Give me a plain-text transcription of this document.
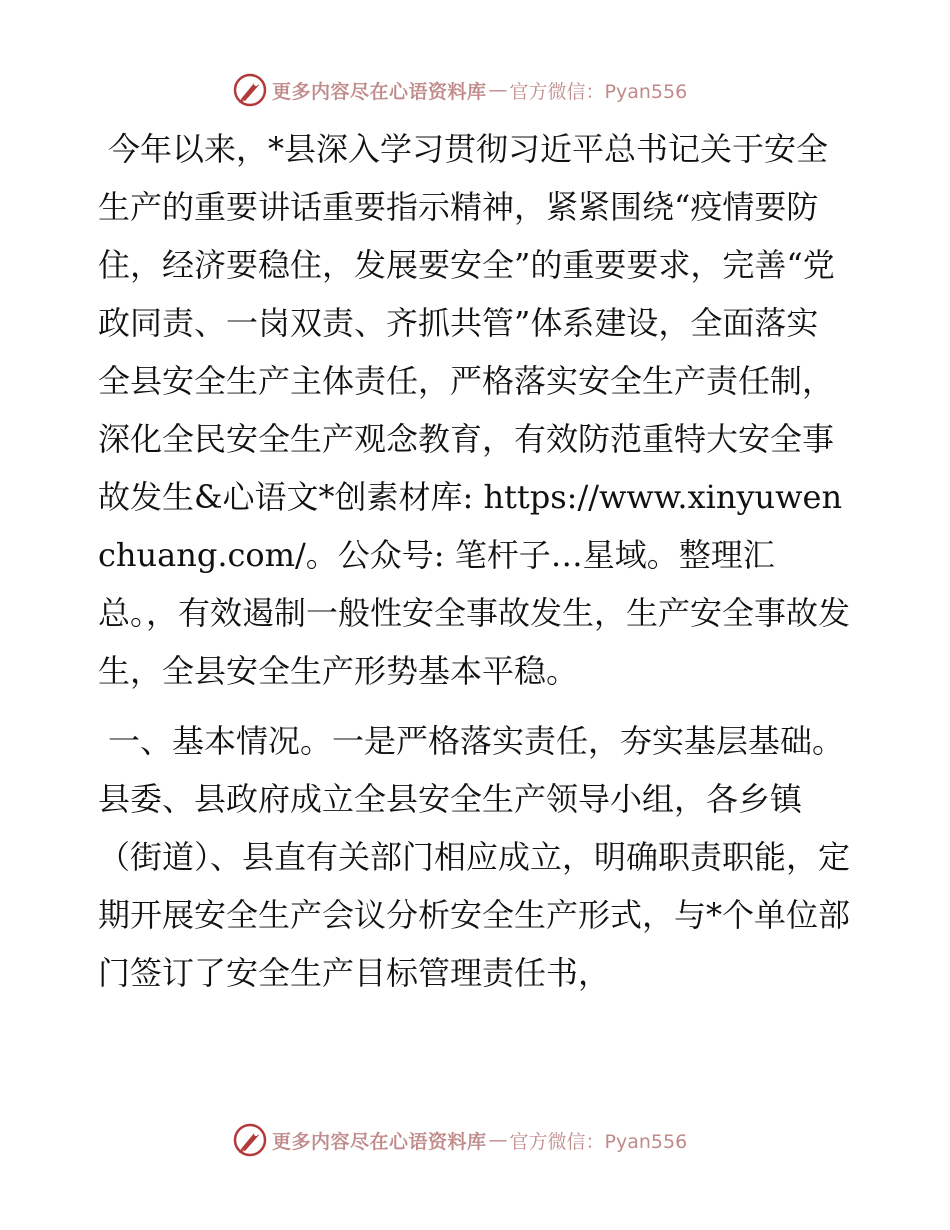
更多内容尽在心语资料库 — 官方微信：Pyan556

今年以来，*县深入学习贯彻习近平总书记关于安全生产的重要讲话重要指示精神，紧紧围绕“疫情要防住，经济要稳住，发展要安全”的重要要求，完善“党政同责、一岗双责、齐抓共管”体系建设，全面落实全县安全生产主体责任，严格落实安全生产责任制，深化全民安全生产观念教育，有效防范重特大安全事故发生&心语文*创素材库: https://www.xinyuwenchuang.com/。公众号: 笔杆子…星域。整理汇总。，有效遏制一般性安全事故发生，生产安全事故发生，全县安全生产形势基本平稳。

一、基本情况。一是严格落实责任，夯实基层基础。县委、县政府成立全县安全生产领导小组，各乡镇（街道）、县直有关部门相应成立，明确职责职能，定期开展安全生产会议分析安全生产形式，与*个单位部门签订了安全生产目标管理责任书，

更多内容尽在心语资料库 — 官方微信：Pyan556
